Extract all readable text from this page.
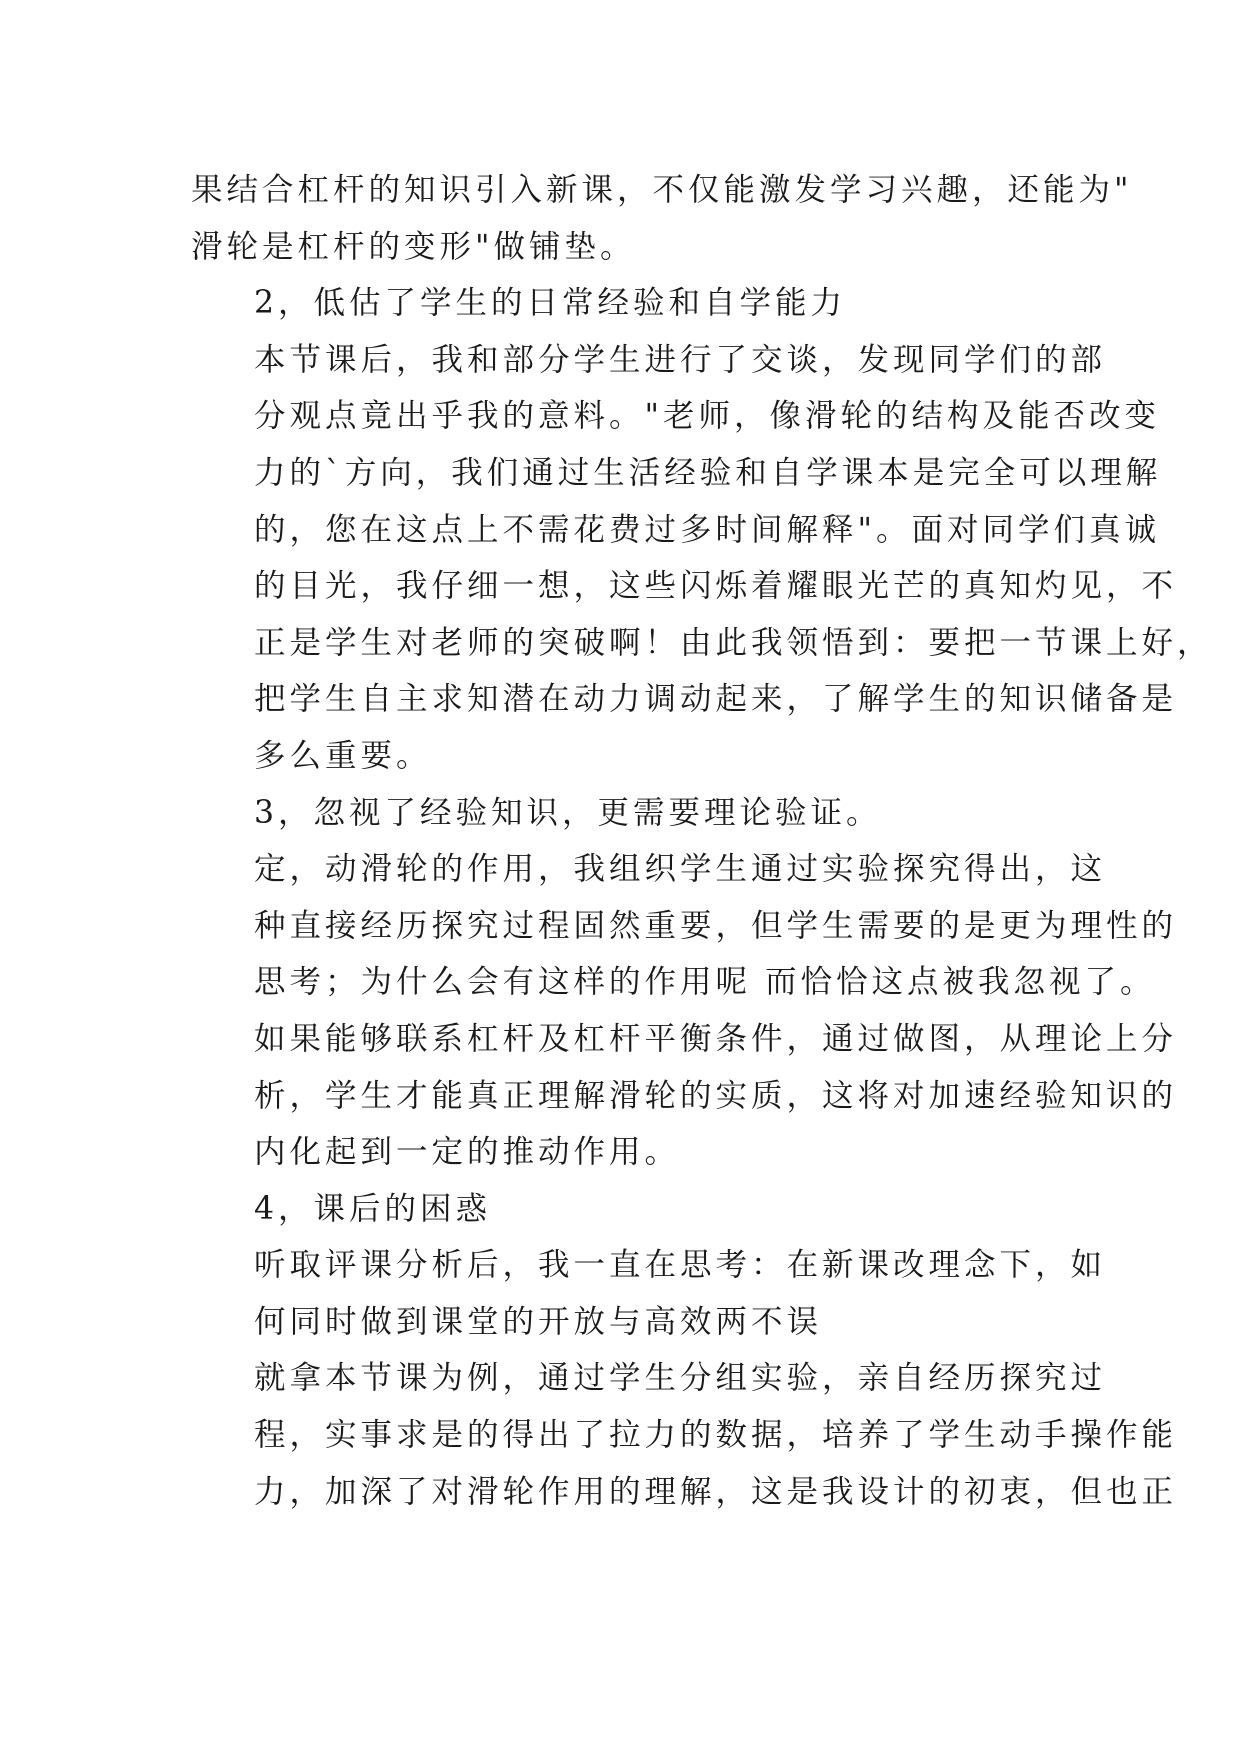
果结合杠杆的知识引入新课，不仅能激发学习兴趣，还能为"
滑轮是杠杆的变形"做铺垫。

2，低估了学生的日常经验和自学能力

本节课后，我和部分学生进行了交谈，发现同学们的部
分观点竟出乎我的意料。"老师，像滑轮的结构及能否改变
力的`方向，我们通过生活经验和自学课本是完全可以理解
的，您在这点上不需花费过多时间解释"。面对同学们真诚
的目光，我仔细一想，这些闪烁着耀眼光芒的真知灼见，不
正是学生对老师的突破啊！由此我领悟到：要把一节课上好，
把学生自主求知潜在动力调动起来，了解学生的知识储备是
多么重要。

3，忽视了经验知识，更需要理论验证。

定，动滑轮的作用，我组织学生通过实验探究得出，这
种直接经历探究过程固然重要，但学生需要的是更为理性的
思考；为什么会有这样的作用呢 而恰恰这点被我忽视了。
如果能够联系杠杆及杠杆平衡条件，通过做图，从理论上分
析，学生才能真正理解滑轮的实质，这将对加速经验知识的
内化起到一定的推动作用。

4，课后的困惑

听取评课分析后，我一直在思考：在新课改理念下，如
何同时做到课堂的开放与高效两不误

就拿本节课为例，通过学生分组实验，亲自经历探究过
程，实事求是的得出了拉力的数据，培养了学生动手操作能
力，加深了对滑轮作用的理解，这是我设计的初衷，但也正
